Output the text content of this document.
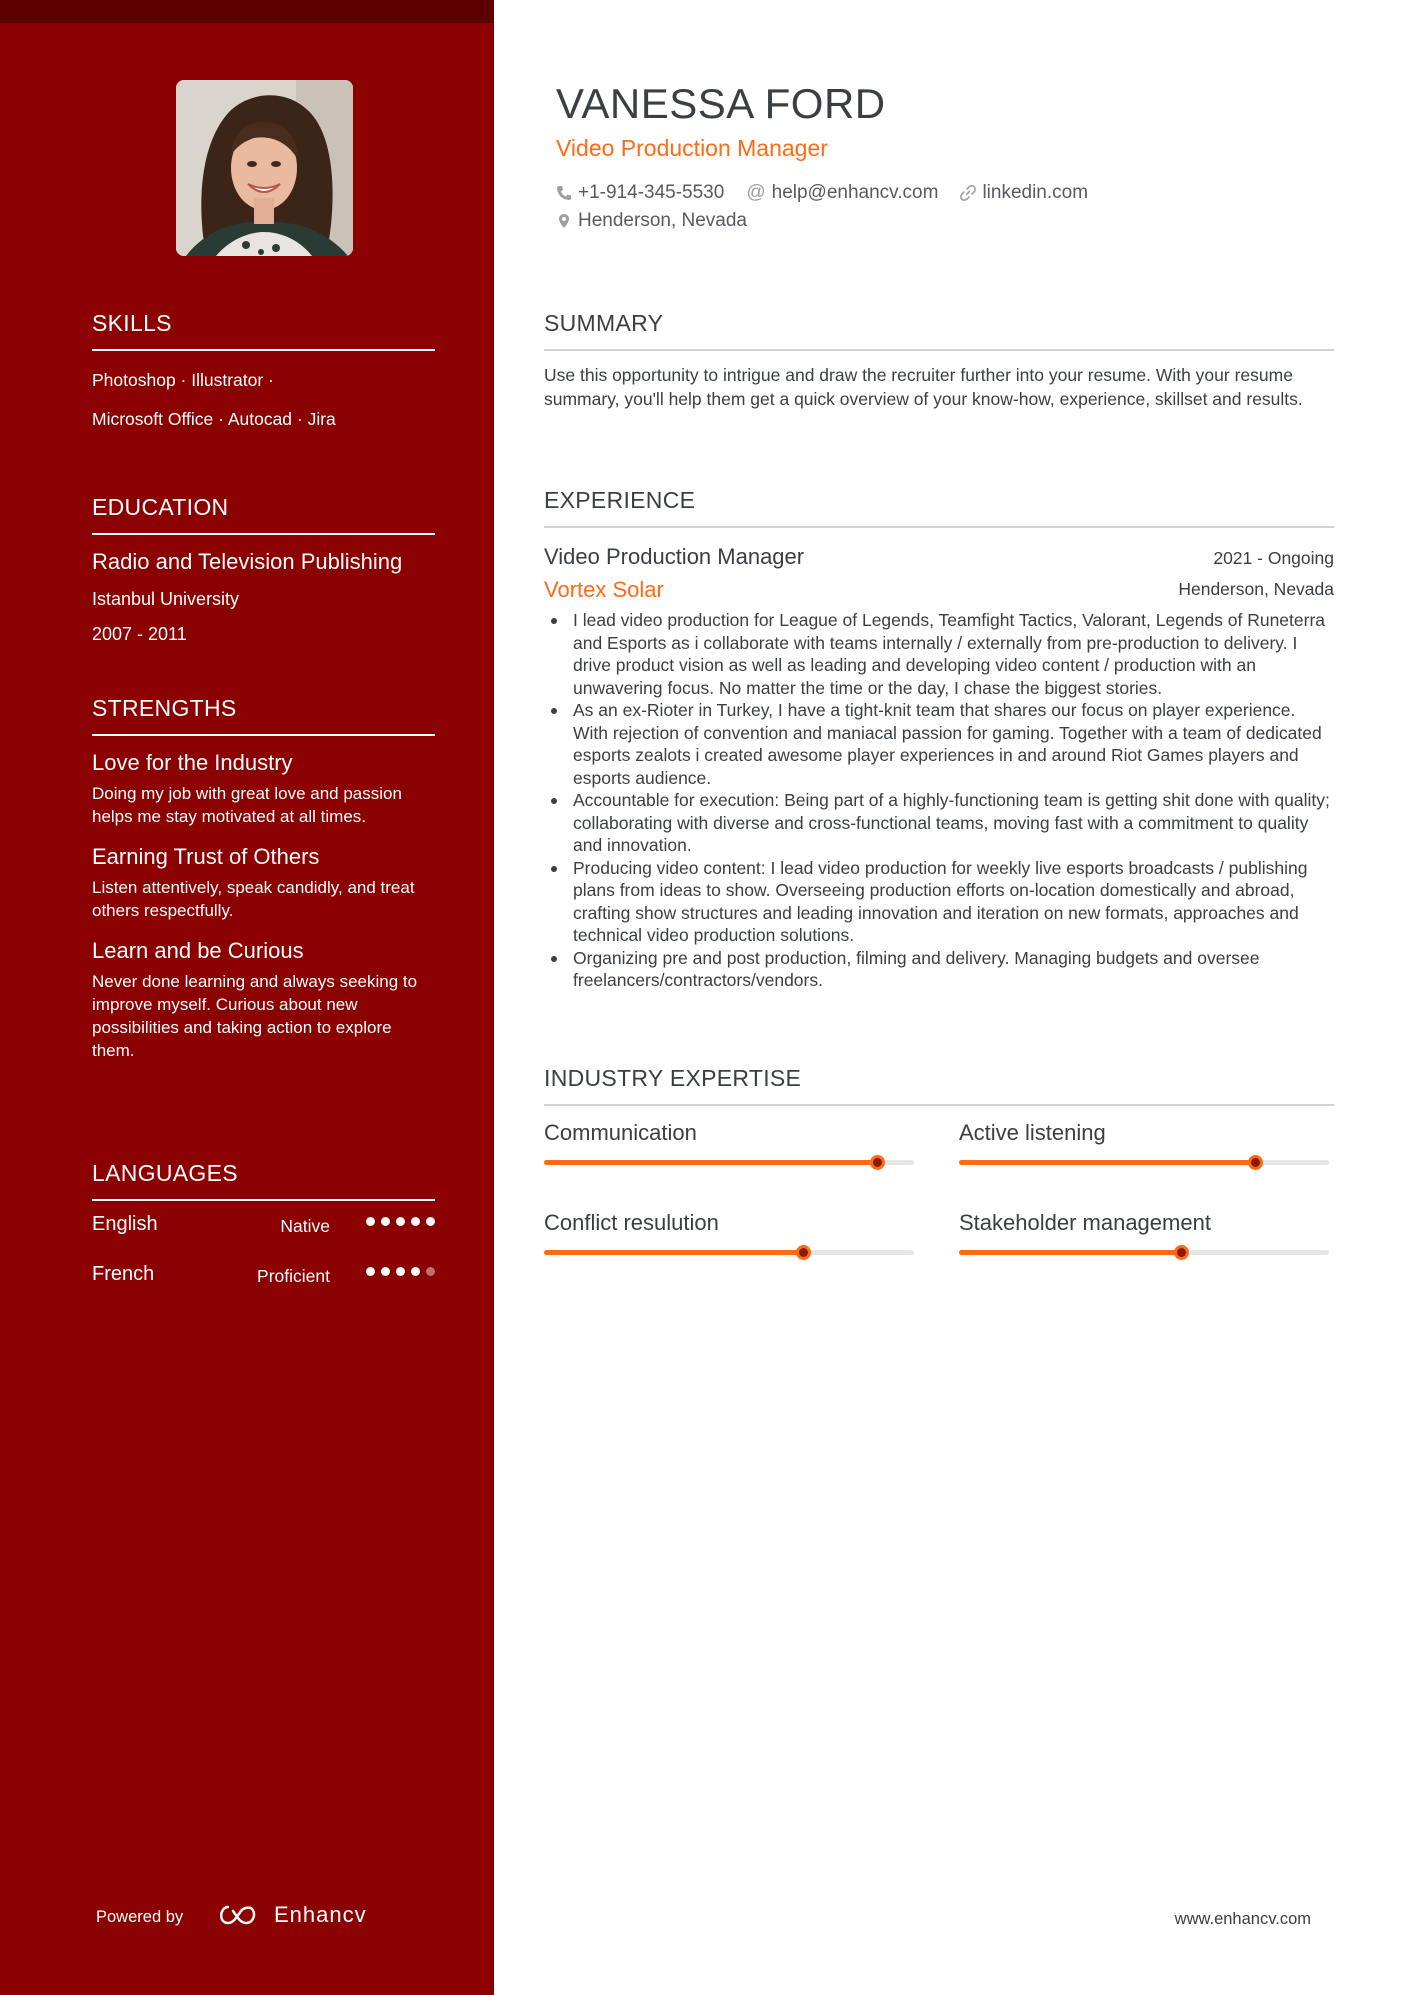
SKILLS
Photoshop · Illustrator ·
Microsoft Office · Autocad · Jira
EDUCATION
Radio and Television Publishing
Istanbul University
2007 - 2011
STRENGTHS
Love for the Industry
Doing my job with great love and passion helps me stay motivated at all times.
Earning Trust of Others
Listen attentively, speak candidly, and treat others respectfully.
Learn and be Curious
Never done learning and always seeking to improve myself. Curious about new possibilities and taking action to explore them.
LANGUAGES
English	Native
French	Proficient
Powered by	Enhancv
VANESSA FORD
Video Production Manager
+1-914-345-5530 @ help@enhancv.com linkedin.com
Henderson, Nevada
SUMMARY
Use this opportunity to intrigue and draw the recruiter further into your resume. With your resume summary, you'll help them get a quick overview of your know-how, experience, skillset and results.
EXPERIENCE
Video Production Manager	2021 - Ongoing
Vortex Solar	Henderson, Nevada
I lead video production for League of Legends, Teamfight Tactics, Valorant, Legends of Runeterra and Esports as i collaborate with teams internally / externally from pre-production to delivery. I drive product vision as well as leading and developing video content / production with an unwavering focus. No matter the time or the day, I chase the biggest stories.
As an ex-Rioter in Turkey, I have a tight-knit team that shares our focus on player experience. With rejection of convention and maniacal passion for gaming. Together with a team of dedicated esports zealots i created awesome player experiences in and around Riot Games players and esports audience.
Accountable for execution: Being part of a highly-functioning team is getting shit done with quality; collaborating with diverse and cross-functional teams, moving fast with a commitment to quality and innovation.
Producing video content: I lead video production for weekly live esports broadcasts / publishing plans from ideas to show. Overseeing production efforts on-location domestically and abroad, crafting show structures and leading innovation and iteration on new formats, approaches and technical video production solutions.
Organizing pre and post production, filming and delivery. Managing budgets and oversee freelancers/contractors/vendors.
INDUSTRY EXPERTISE
Communication	Active listening
Conflict resulution	Stakeholder management
www.enhancv.com
